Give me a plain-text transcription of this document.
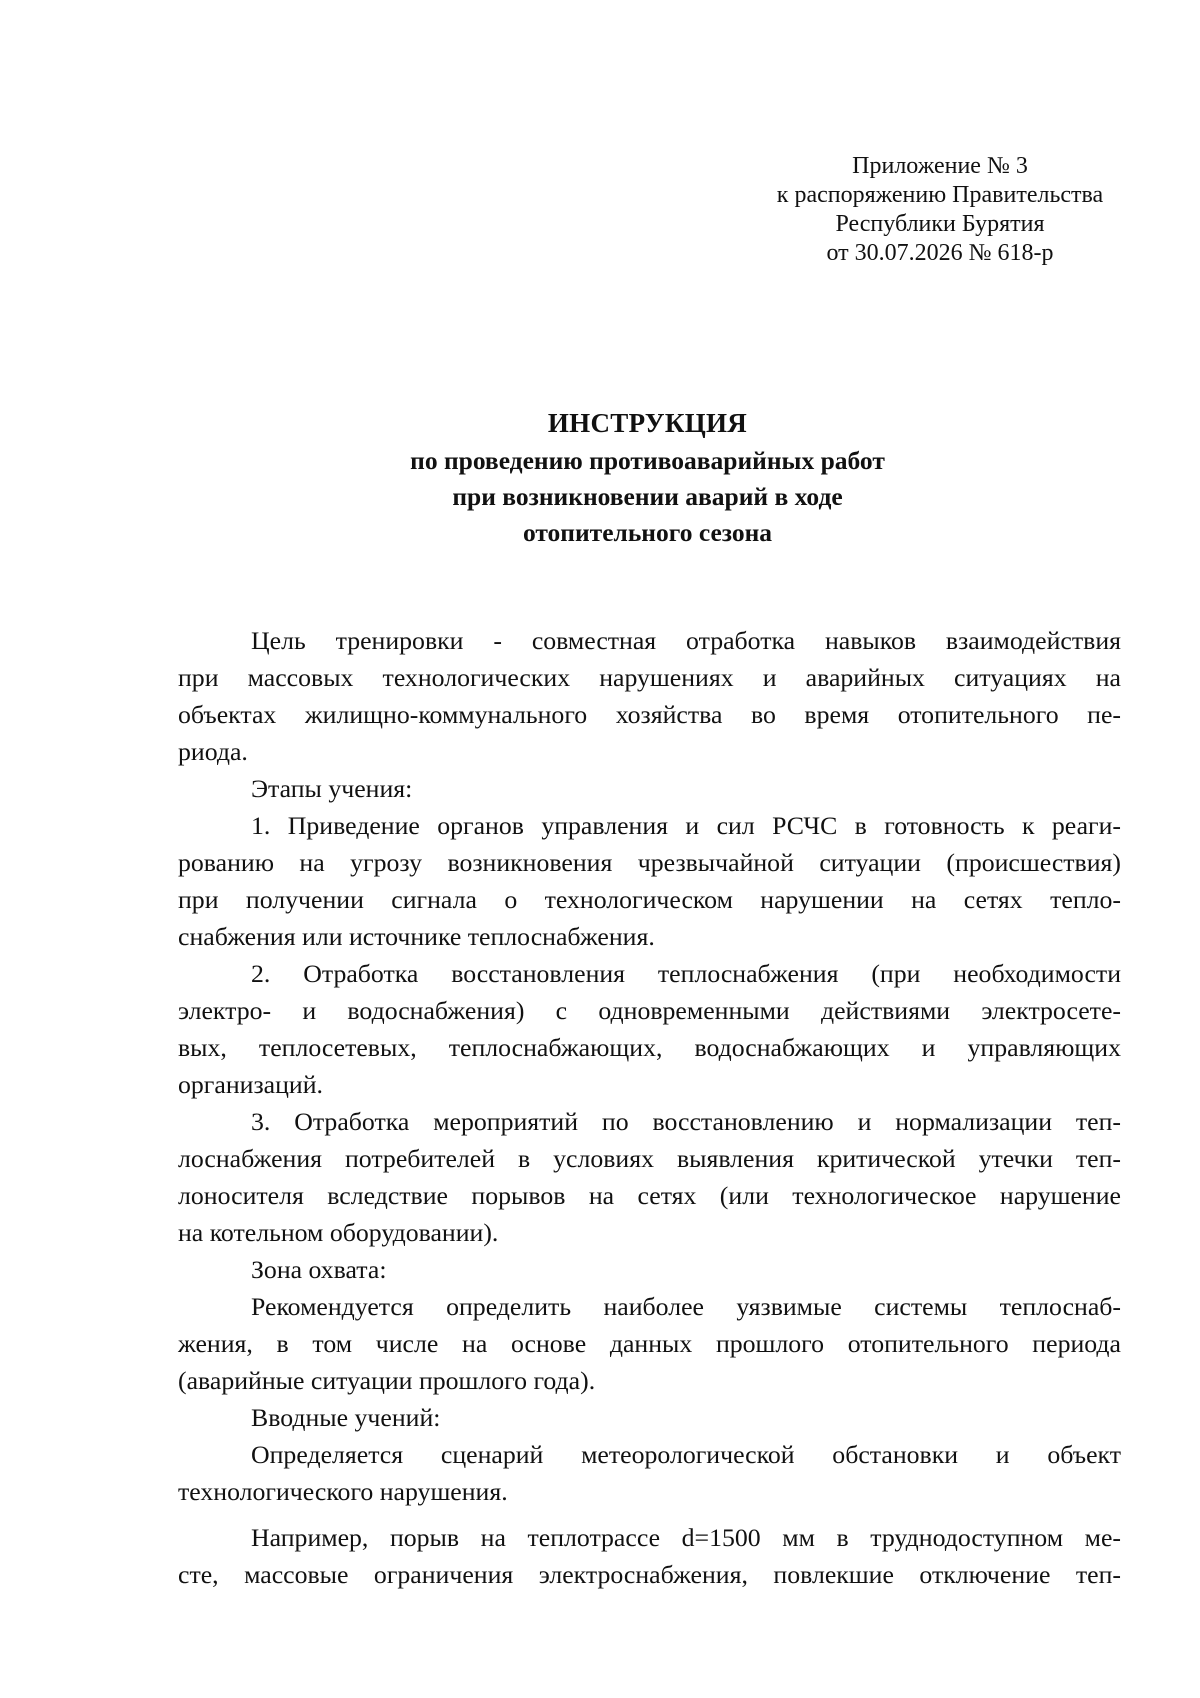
Приложение № 3
к распоряжению Правительства
Республики Бурятия
от 30.07.2026 № 618-р
ИНСТРУКЦИЯ
по проведению противоаварийных работ
при возникновении аварий в ходе
отопительного сезона
Цель тренировки - совместная отработка навыков взаимодействия
при массовых технологических нарушениях и аварийных ситуациях на
объектах жилищно-коммунального хозяйства во время отопительного пе-
риода.
Этапы учения:
1. Приведение органов управления и сил РСЧС в готовность к реаги-
рованию на угрозу возникновения чрезвычайной ситуации (происшествия)
при получении сигнала о технологическом нарушении на сетях тепло-
снабжения или источнике теплоснабжения.
2. Отработка восстановления теплоснабжения (при необходимости
электро- и водоснабжения) с одновременными действиями электросете-
вых, теплосетевых, теплоснабжающих, водоснабжающих и управляющих
организаций.
3. Отработка мероприятий по восстановлению и нормализации теп-
лоснабжения потребителей в условиях выявления критической утечки теп-
лоносителя вследствие порывов на сетях (или технологическое нарушение
на котельном оборудовании).
Зона охвата:
Рекомендуется определить наиболее уязвимые системы теплоснаб-
жения, в том числе на основе данных прошлого отопительного периода
(аварийные ситуации прошлого года).
Вводные учений:
Определяется сценарий метеорологической обстановки и объект
технологического нарушения.
Например, порыв на теплотрассе d=1500 мм в труднодоступном ме-
сте, массовые ограничения электроснабжения, повлекшие отключение теп-
